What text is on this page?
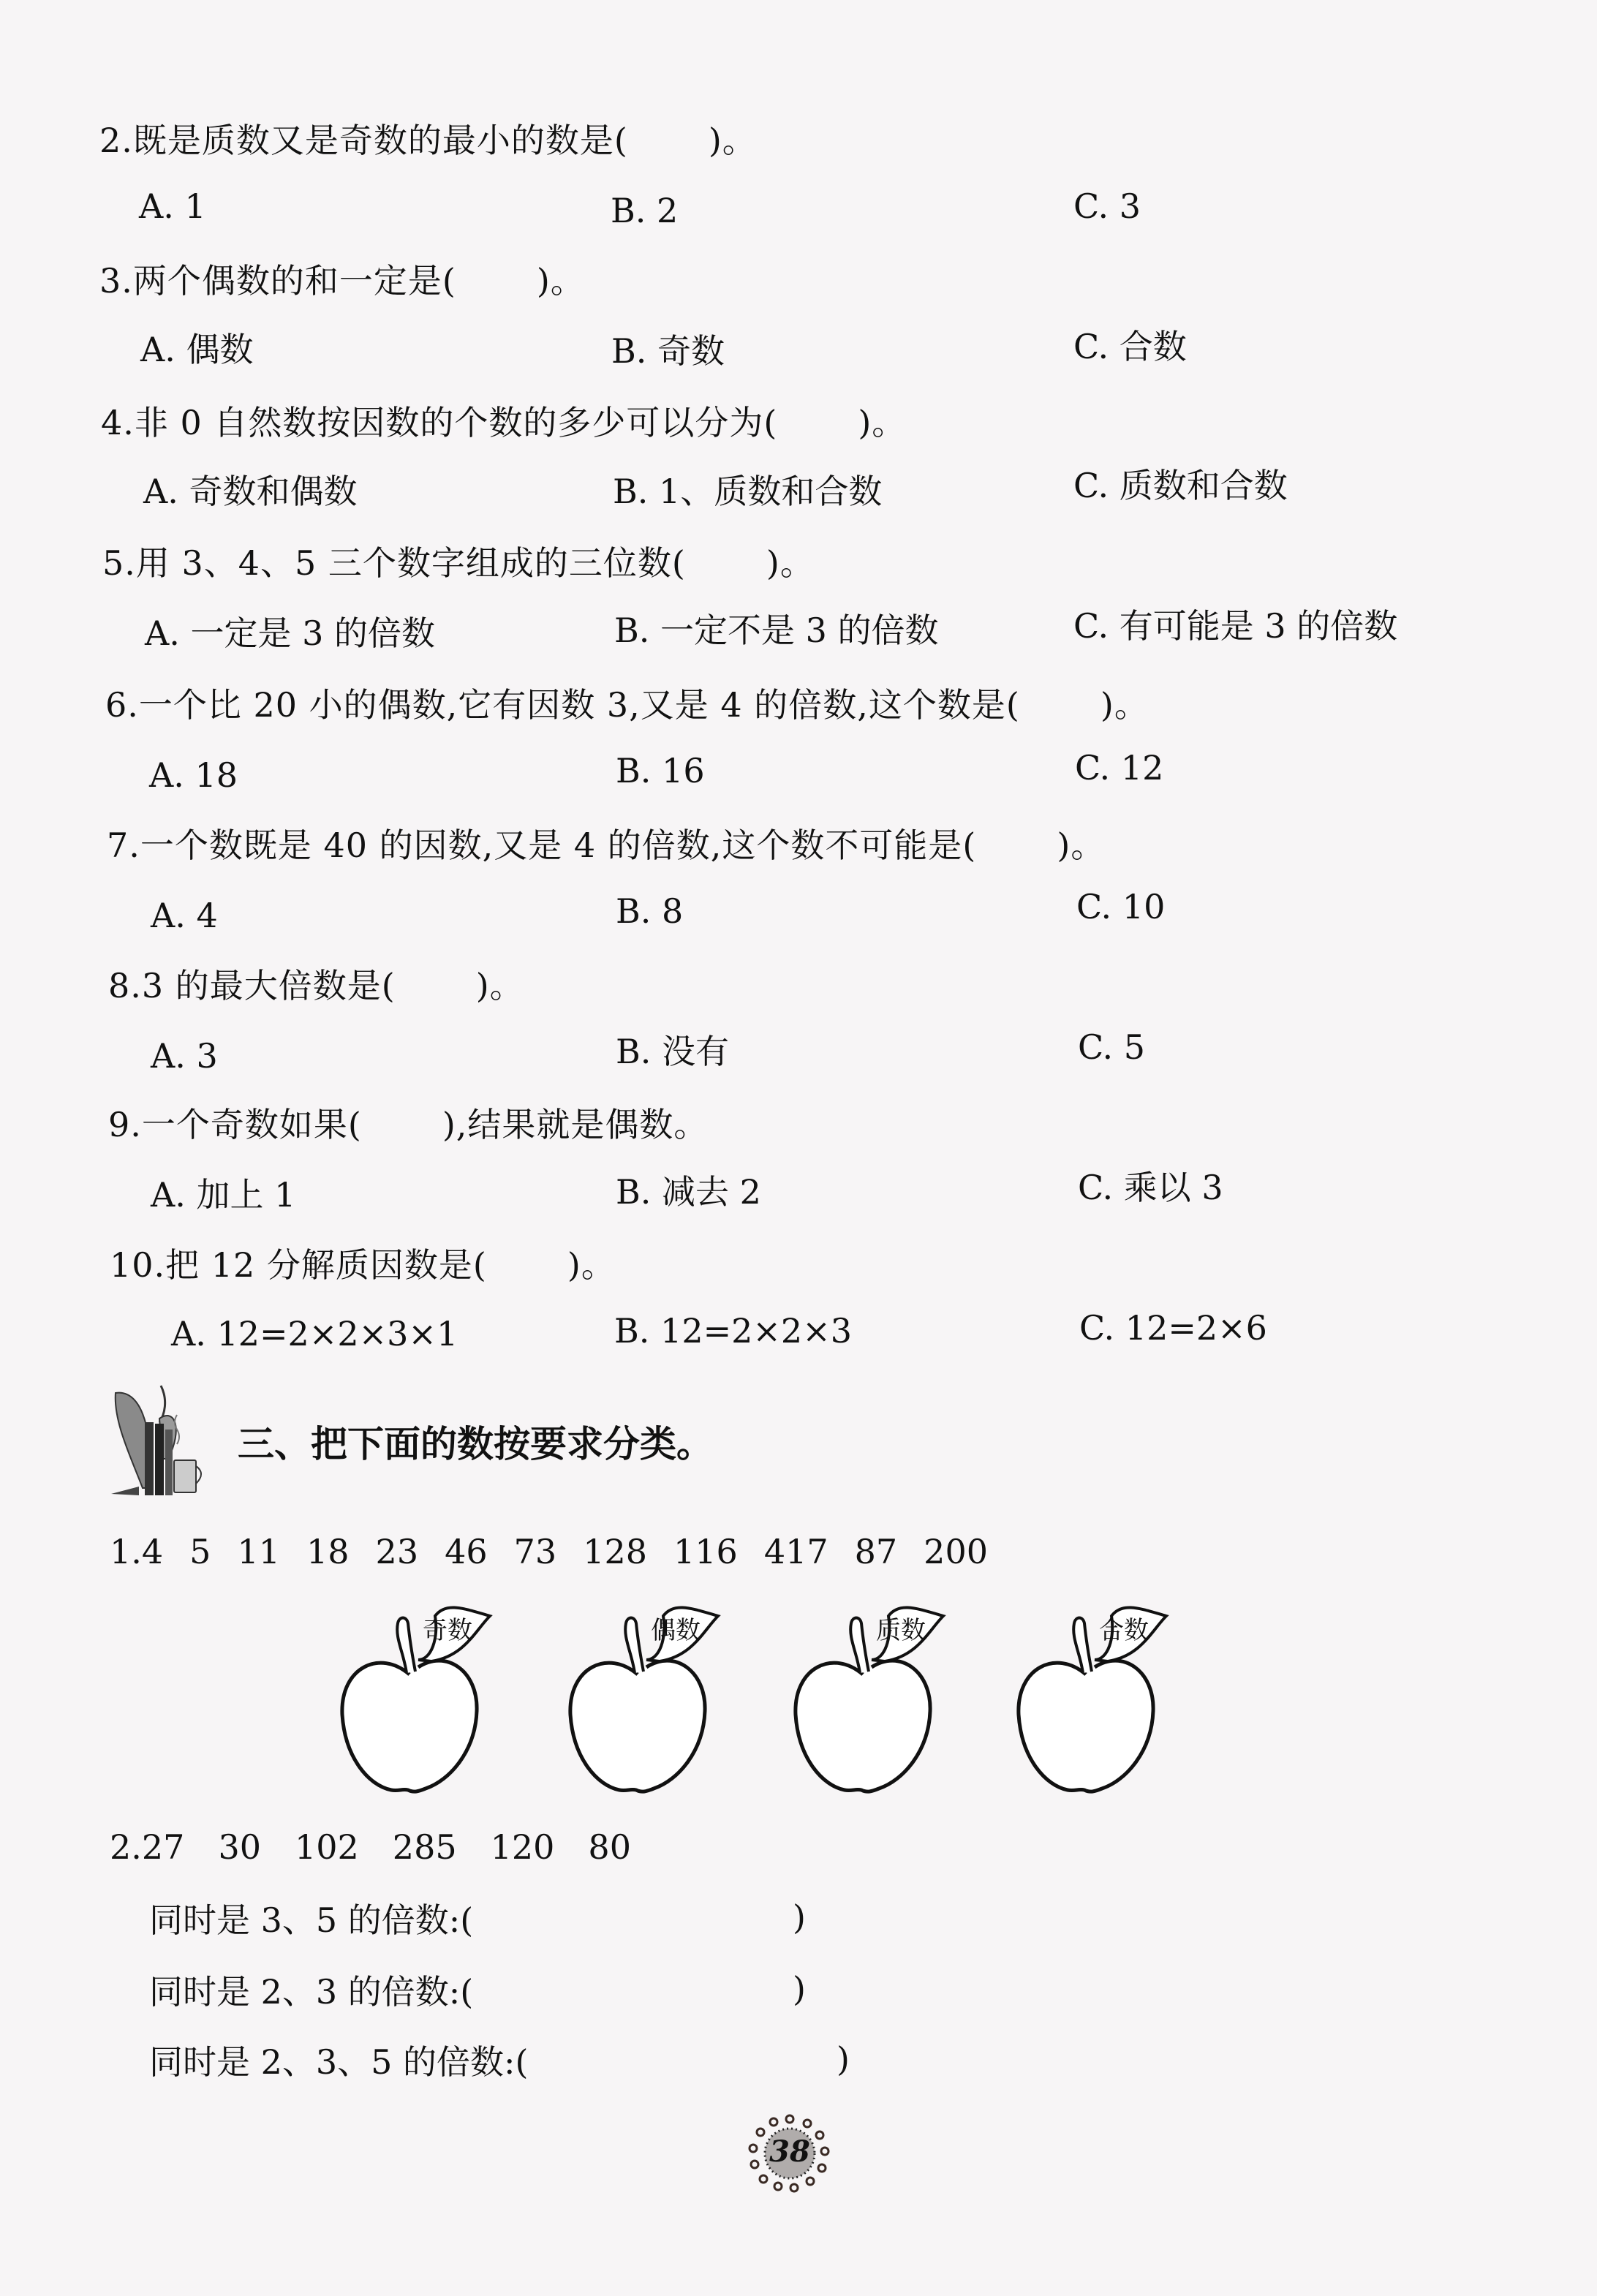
2.既是质数又是奇数的最小的数是( )。
A. 1	B. 2	C. 3
3.两个偶数的和一定是( )。
A. 偶数	B. 奇数	C. 合数
4.非 0 自然数按因数的个数的多少可以分为( )。
A. 奇数和偶数	B. 1、质数和合数	C. 质数和合数
5.用 3、4、5 三个数字组成的三位数( )。
A. 一定是 3 的倍数	B. 一定不是 3 的倍数	C. 有可能是 3 的倍数
6.一个比 20 小的偶数,它有因数 3,又是 4 的倍数,这个数是( )。
A. 18	B. 16	C. 12
7.一个数既是 40 的因数,又是 4 的倍数,这个数不可能是( )。
A. 4	B. 8	C. 10
8.3 的最大倍数是( )。
A. 3	B. 没有	C. 5
9.一个奇数如果( ),结果就是偶数。
A. 加上 1	B. 减去 2	C. 乘以 3
10.把 12 分解质因数是( )。
A. 12=2×2×3×1	B. 12=2×2×3	C. 12=2×6
三、把下面的数按要求分类。
1. 4 5 11 18 23 46 73 128 116 417 87 200
奇数	偶数	质数	合数
2. 27 30 102 285 120 80
同时是 3、5 的倍数:(	)
同时是 2、3 的倍数:(	)
同时是 2、3、5 的倍数:(	)
38
